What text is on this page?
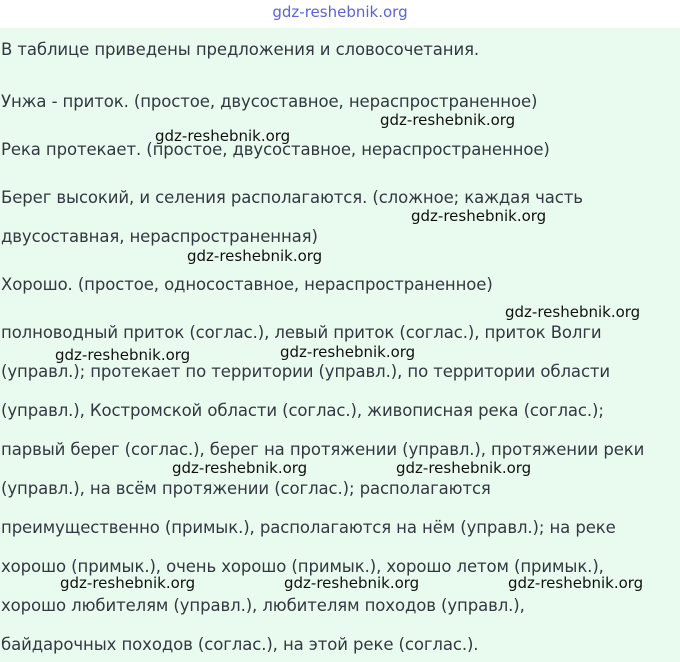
gdz-reshebnik.org
В таблице приведены предложения и словосочетания.
Унжа - приток. (простое, двусоставное, нераспространенное)
Река протекает. (простое, двусоставное, нераспространенное)
Берег высокий, и селения располагаются. (сложное; каждая часть
двусоставная, нераспространенная)
Хорошо. (простое, односоставное, нераспространенное)
полноводный приток (соглас.), левый приток (соглас.), приток Волги
(управл.); протекает по территории (управл.), по территории области
(управл.), Костромской области (соглас.), живописная река (соглас.);
парвый берег (соглас.), берег на протяжении (управл.), протяжении реки
(управл.), на всём протяжении (соглас.); располагаются
преимущественно (примык.), располагаются на нём (управл.); на реке
хорошо (примык.), очень хорошо (примык.), хорошо летом (примык.),
хорошо любителям (управл.), любителям походов (управл.),
байдарочных походов (соглас.), на этой реке (соглас.).
gdz-reshebnik.org
gdz-reshebnik.org
gdz-reshebnik.org
gdz-reshebnik.org
gdz-reshebnik.org
gdz-reshebnik.org	gdz-reshebnik.org
gdz-reshebnik.org	gdz-reshebnik.org
gdz-reshebnik.org	gdz-reshebnik.org	gdz-reshebnik.org
